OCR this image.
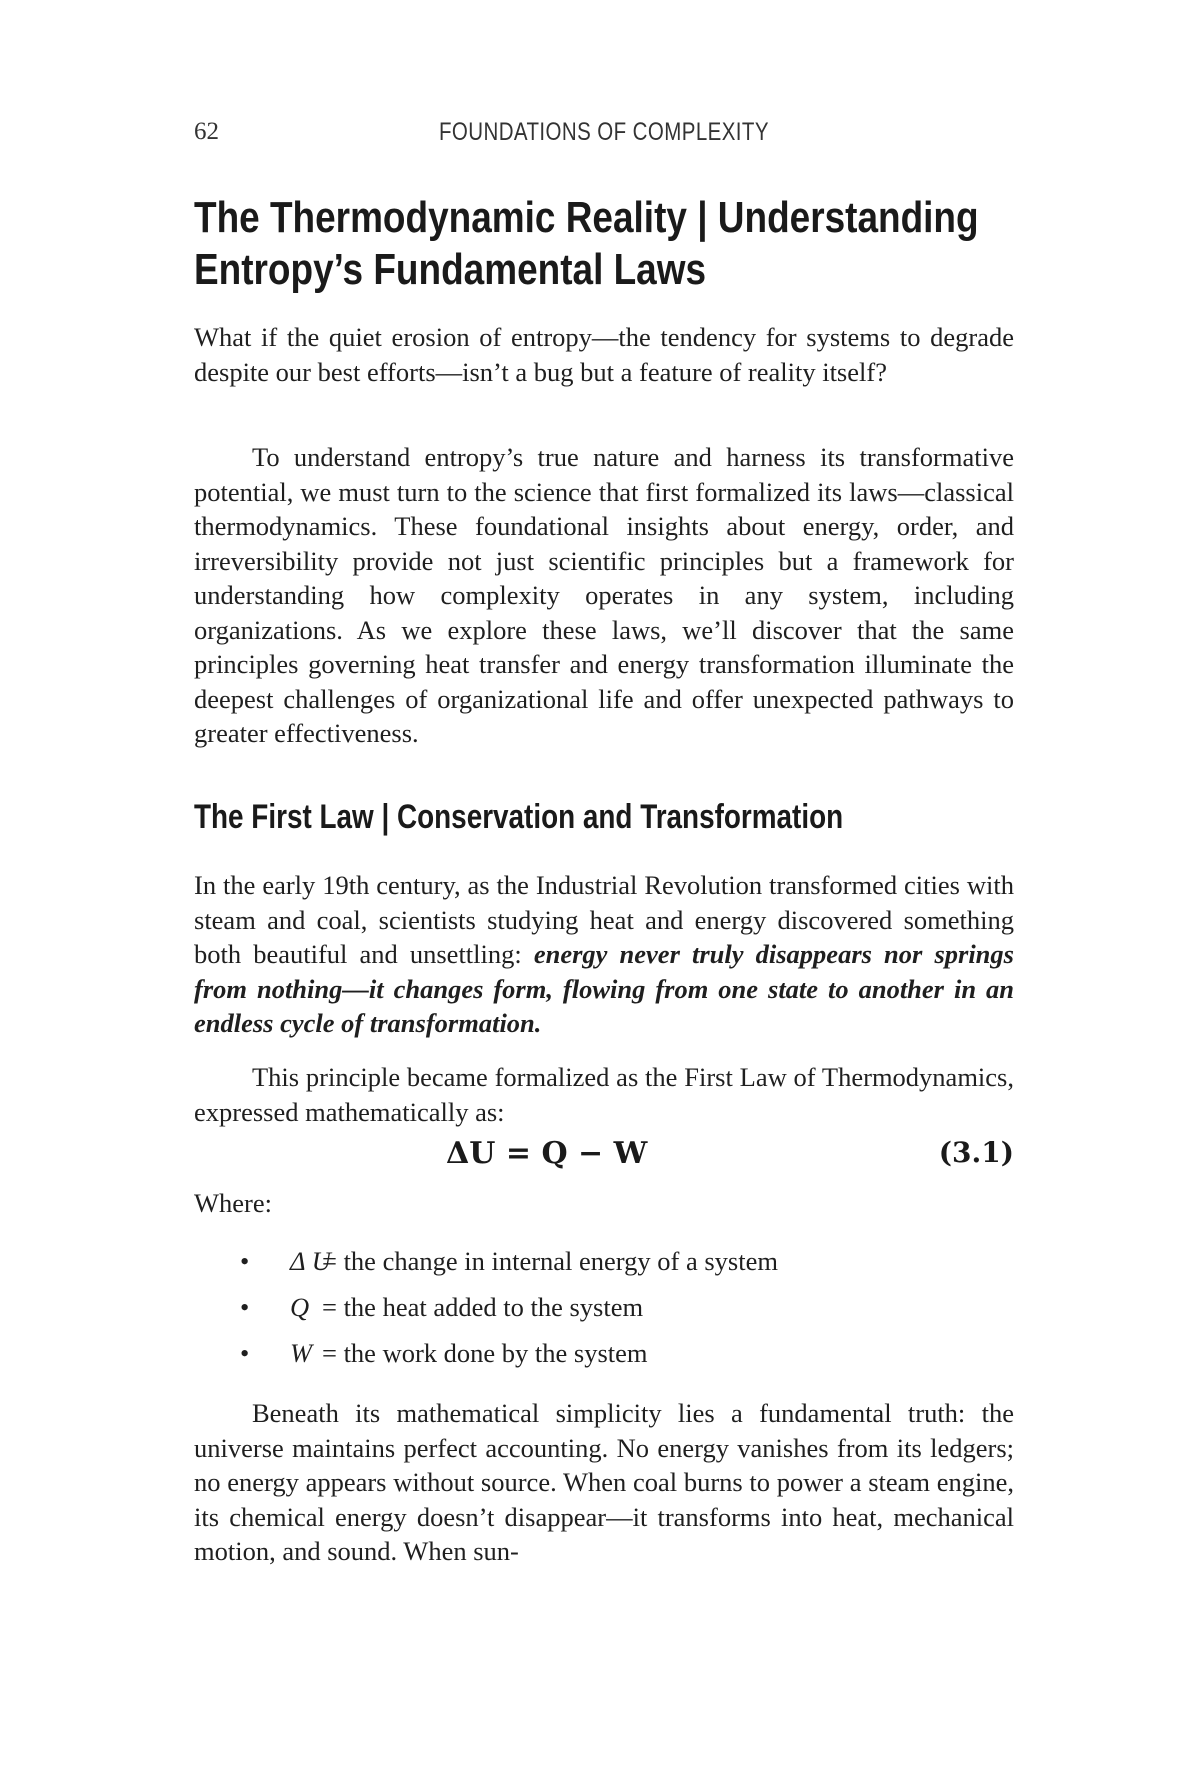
62	FOUNDATIONS OF COMPLEXITY
The Thermodynamic Reality | Understanding Entropy’s Fundamental Laws

What if the quiet erosion of entropy—the tendency for systems to degrade despite our best efforts—isn’t a bug but a feature of reality itself?

To understand entropy’s true nature and harness its transformative potential, we must turn to the science that first formalized its laws—classical thermodynamics. These foundational insights about energy, order, and irreversibility provide not just scientific principles but a framework for understanding how complexity operates in any system, including organizations. As we explore these laws, we’ll discover that the same principles governing heat transfer and energy transformation illuminate the deepest challenges of organizational life and offer unexpected pathways to greater effectiveness.

The First Law | Conservation and Transformation

In the early 19th century, as the Industrial Revolution transformed cities with steam and coal, scientists studying heat and energy discovered something both beautiful and unsettling: energy never truly disappears nor springs from nothing—it changes form, flowing from one state to another in an endless cycle of transformation.

This principle became formalized as the First Law of Thermodynamics, expressed mathematically as:

ΔU = Q − W	(3.1)

Where:

• Δ U
= the change in internal energy of a system
• Q = the heat added to the system
• W = the work done by the system

Beneath its mathematical simplicity lies a fundamental truth: the universe maintains perfect accounting. No energy vanishes from its ledgers; no energy appears without source. When coal burns to power a steam engine, its chemical energy doesn’t disappear—it transforms into heat, mechanical motion, and sound. When sun-
